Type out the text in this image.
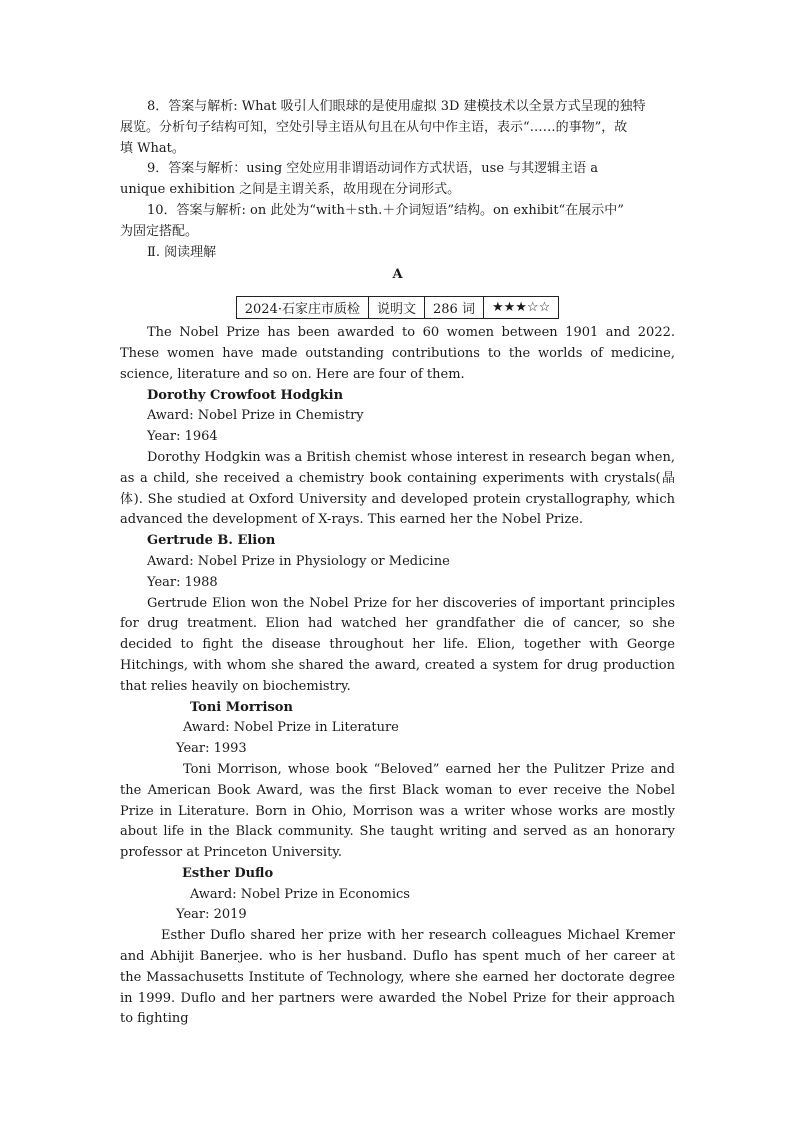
8．答案与解析: What 吸引人们眼球的是使用虚拟 3D 建模技术以全景方式呈现的独特

展览。分析句子结构可知，空处引导主语从句且在从句中作主语，表示“……的事物”，故

填 What。

9．答案与解析：using 空处应用非谓语动词作方式状语，use 与其逻辑主语 a

unique exhibition 之间是主谓关系，故用现在分词形式。

10．答案与解析: on 此处为“with＋sth.＋介词短语”结构。on exhibit“在展示中”

为固定搭配。

Ⅱ. 阅读理解

A

2024·石家庄市质检	说明文	286 词	★★★☆☆

The Nobel Prize has been awarded to 60 women between 1901 and 2022. These women have made outstanding contributions to the worlds of medicine, science, literature and so on. Here are four of them.

Dorothy Crowfoot Hodgkin

Award: Nobel Prize in Chemistry

Year: 1964

Dorothy Hodgkin was a British chemist whose interest in research began when, as a child, she received a chemistry book containing experiments with crystals(晶体). She studied at Oxford University and developed protein crystallography, which advanced the development of X-rays. This earned her the Nobel Prize.

Gertrude B. Elion

Award: Nobel Prize in Physiology or Medicine

Year: 1988

Gertrude Elion won the Nobel Prize for her discoveries of important principles for drug treatment. Elion had watched her grandfather die of cancer, so she decided to fight the disease throughout her life. Elion, together with George Hitchings, with whom she shared the award, created a system for drug production that relies heavily on biochemistry.

Toni Morrison

Award: Nobel Prize in Literature

Year: 1993

Toni Morrison, whose book “Beloved” earned her the Pulitzer Prize and the American Book Award, was the first Black woman to ever receive the Nobel Prize in Literature. Born in Ohio, Morrison was a writer whose works are mostly about life in the Black community. She taught writing and served as an honorary professor at Princeton University.

Esther Duflo

Award: Nobel Prize in Economics

Year: 2019

Esther Duflo shared her prize with her research colleagues Michael Kremer and Abhijit Banerjee. who is her husband. Duflo has spent much of her career at the Massachusetts Institute of Technology, where she earned her doctorate degree in 1999. Duflo and her partners were awarded the Nobel Prize for their approach to fighting
